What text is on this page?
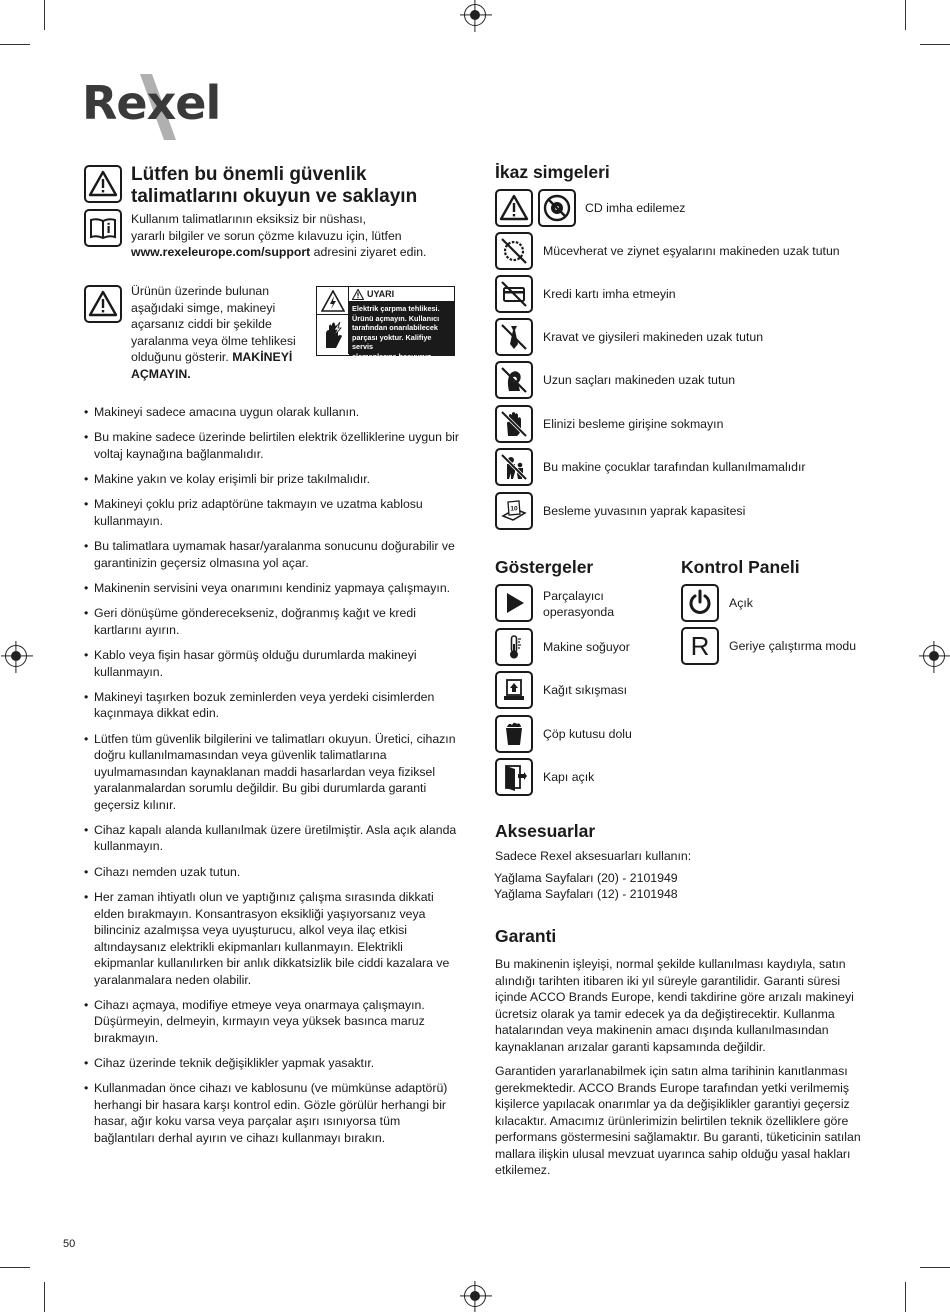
Rexel
Lütfen bu önemli güvenlik
talimatlarını okuyun ve saklayın
Kullanım talimatlarının eksiksiz bir nüshası,
yararlı bilgiler ve sorun çözme kılavuzu için, lütfen
www.rexeleurope.com/support adresini ziyaret edin.
Ürünün üzerinde bulunan
aşağıdaki simge, makineyi
açarsanız ciddi bir şekilde
yaralanma veya ölme tehlikesi
olduğunu gösterir. MAKİNEYİ
AÇMAYIN.
UYARI
Elektrik çarpma tehlikesi.
Ürünü açmayın. Kullanıcı
tarafından onarılabilecek
parçası yoktur. Kalifiye servis
elemanlarına başvurun.
• Makineyi sadece amacına uygun olarak kullanın.
• Bu makine sadece üzerinde belirtilen elektrik özelliklerine uygun bir voltaj kaynağına bağlanmalıdır.
• Makine yakın ve kolay erişimli bir prize takılmalıdır.
• Makineyi çoklu priz adaptörüne takmayın ve uzatma kablosu kullanmayın.
• Bu talimatlara uymamak hasar/yaralanma sonucunu doğurabilir ve garantinizin geçersiz olmasına yol açar.
• Makinenin servisini veya onarımını kendiniz yapmaya çalışmayın.
• Geri dönüşüme gönderecekseniz, doğranmış kağıt ve kredi kartlarını ayırın.
• Kablo veya fişin hasar görmüş olduğu durumlarda makineyi kullanmayın.
• Makineyi taşırken bozuk zeminlerden veya yerdeki cisimlerden kaçınmaya dikkat edin.
• Lütfen tüm güvenlik bilgilerini ve talimatları okuyun. Üretici, cihazın doğru kullanılmamasından veya güvenlik talimatlarına uyulmamasından kaynaklanan maddi hasarlardan veya fiziksel yaralanmalardan sorumlu değildir. Bu gibi durumlarda garanti geçersiz kılınır.
• Cihaz kapalı alanda kullanılmak üzere üretilmiştir. Asla açık alanda kullanmayın.
• Cihazı nemden uzak tutun.
• Her zaman ihtiyatlı olun ve yaptığınız çalışma sırasında dikkati elden bırakmayın. Konsantrasyon eksikliği yaşıyorsanız veya bilinciniz azalmışsa veya uyuşturucu, alkol veya ilaç etkisi altındaysanız elektrikli ekipmanları kullanmayın. Elektrikli ekipmanlar kullanılırken bir anlık dikkatsizlik bile ciddi kazalara ve yaralanmalara neden olabilir.
• Cihazı açmaya, modifiye etmeye veya onarmaya çalışmayın. Düşürmeyin, delmeyin, kırmayın veya yüksek basınca maruz bırakmayın.
• Cihaz üzerinde teknik değişiklikler yapmak yasaktır.
• Kullanmadan önce cihazı ve kablosunu (ve mümkünse adaptörü) herhangi bir hasara karşı kontrol edin. Gözle görülür herhangi bir hasar, ağır koku varsa veya parçalar aşırı ısınıyorsa tüm bağlantıları derhal ayırın ve cihazı kullanmayı bırakın.
İkaz simgeleri
CD imha edilemez
Mücevherat ve ziynet eşyalarını makineden uzak tutun
Kredi kartı imha etmeyin
Kravat ve giysileri makineden uzak tutun
Uzun saçları makineden uzak tutun
Elinizi besleme girişine sokmayın
Bu makine çocuklar tarafından kullanılmamalıdır
10 Besleme yuvasının yaprak kapasitesi
Göstergeler
Parçalayıcı
operasyonda
Makine soğuyor
Kağıt sıkışması
Çöp kutusu dolu
Kapı açık
Kontrol Paneli
Açık
R Geriye çalıştırma modu
Aksesuarlar
Sadece Rexel aksesuarları kullanın:
Yağlama Sayfaları (20) - 2101949
Yağlama Sayfaları (12) - 2101948
Garanti
Bu makinenin işleyişi, normal şekilde kullanılması kaydıyla, satın alındığı tarihten itibaren iki yıl süreyle garantilidir. Garanti süresi içinde ACCO Brands Europe, kendi takdirine göre arızalı makineyi ücretsiz olarak ya tamir edecek ya da değiştirecektir. Kullanma hatalarından veya makinenin amacı dışında kullanılmasından kaynaklanan arızalar garanti kapsamında değildir.
Garantiden yararlanabilmek için satın alma tarihinin kanıtlanması gerekmektedir. ACCO Brands Europe tarafından yetki verilmemiş kişilerce yapılacak onarımlar ya da değişiklikler garantiyi geçersiz kılacaktır. Amacımız ürünlerimizin belirtilen teknik özelliklere göre performans göstermesini sağlamaktır. Bu garanti, tüketicinin satılan mallara ilişkin ulusal mevzuat uyarınca sahip olduğu yasal hakları etkilemez.
50
